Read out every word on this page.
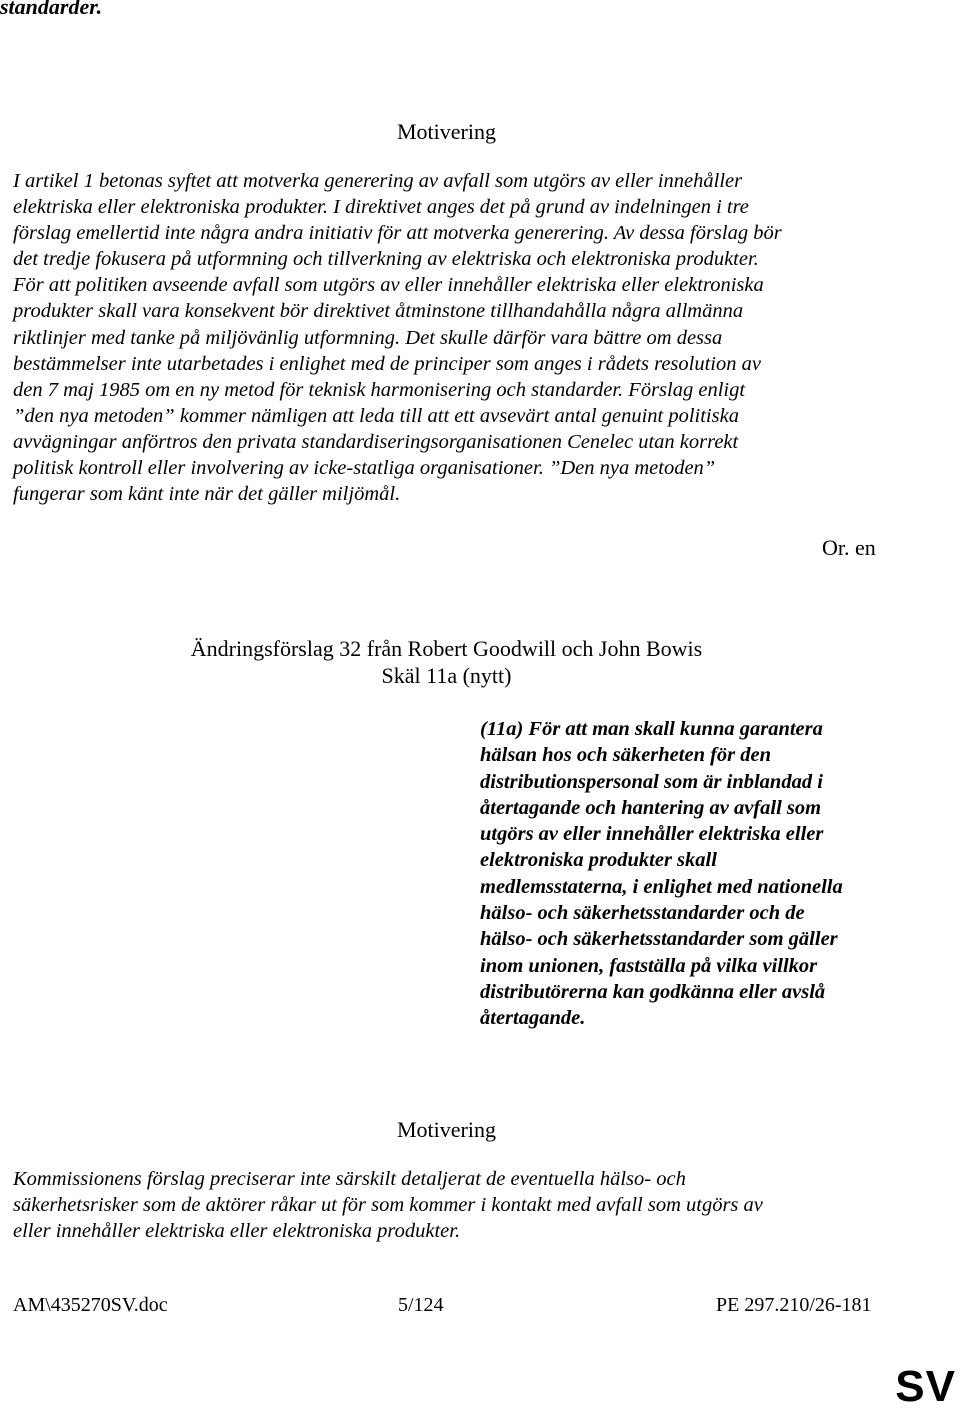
standarder.
Motivering
I artikel 1 betonas syftet att motverka generering av avfall som utgörs av eller innehåller
elektriska eller elektroniska produkter. I direktivet anges det på grund av indelningen i tre
förslag emellertid inte några andra initiativ för att motverka generering. Av dessa förslag bör
det tredje fokusera på utformning och tillverkning av elektriska och elektroniska produkter.
För att politiken avseende avfall som utgörs av eller innehåller elektriska eller elektroniska
produkter skall vara konsekvent bör direktivet åtminstone tillhandahålla några allmänna
riktlinjer med tanke på miljövänlig utformning. Det skulle därför vara bättre om dessa
bestämmelser inte utarbetades i enlighet med de principer som anges i rådets resolution av
den 7 maj 1985 om en ny metod för teknisk harmonisering och standarder. Förslag enligt
”den nya metoden” kommer nämligen att leda till att ett avsevärt antal genuint politiska
avvägningar anförtros den privata standardiseringsorganisationen Cenelec utan korrekt
politisk kontroll eller involvering av icke-statliga organisationer. ”Den nya metoden”
fungerar som känt inte när det gäller miljömål.
Or. en
Ändringsförslag 32 från Robert Goodwill och John Bowis
Skäl 11a (nytt)
(11a) För att man skall kunna garantera
hälsan hos och säkerheten för den
distributionspersonal som är inblandad i
återtagande och hantering av avfall som
utgörs av eller innehåller elektriska eller
elektroniska produkter skall
medlemsstaterna, i enlighet med nationella
hälso- och säkerhetsstandarder och de
hälso- och säkerhetsstandarder som gäller
inom unionen, fastställa på vilka villkor
distributörerna kan godkänna eller avslå
återtagande.
Motivering
Kommissionens förslag preciserar inte särskilt detaljerat de eventuella hälso- och
säkerhetsrisker som de aktörer råkar ut för som kommer i kontakt med avfall som utgörs av
eller innehåller elektriska eller elektroniska produkter.
AM\435270SV.doc	5/124	PE 297.210/26-181
SV
